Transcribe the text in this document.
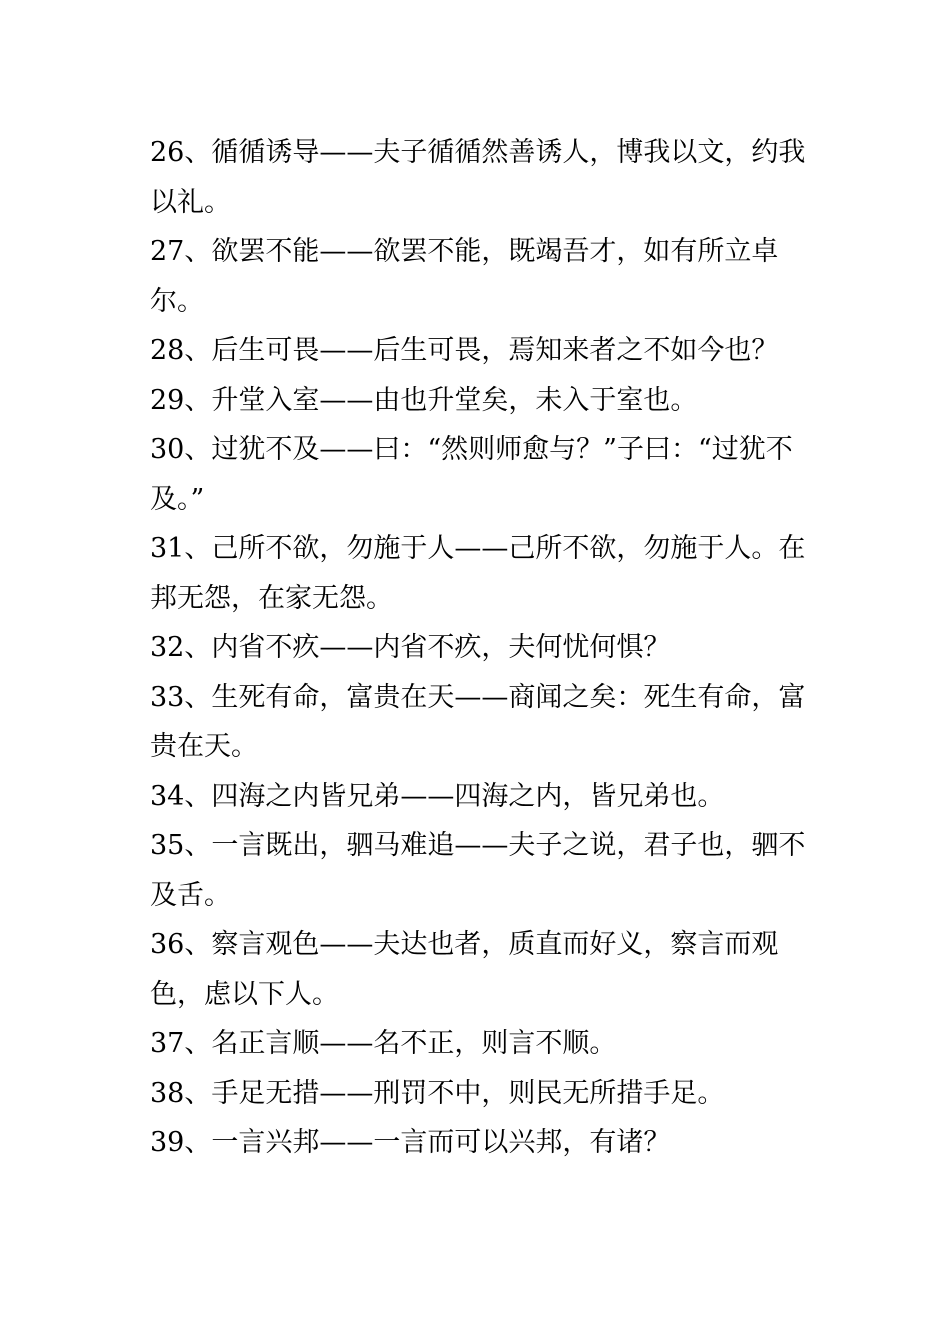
26、循循诱导——夫子循循然善诱人，博我以文，约我以礼。

27、欲罢不能——欲罢不能，既竭吾才，如有所立卓尔。

28、后生可畏——后生可畏，焉知来者之不如今也？

29、升堂入室——由也升堂矣，未入于室也。

30、过犹不及——曰：“然则师愈与？”子曰：“过犹不及。”

31、己所不欲，勿施于人——己所不欲，勿施于人。在邦无怨，在家无怨。

32、内省不疚——内省不疚，夫何忧何惧？

33、生死有命，富贵在天——商闻之矣：死生有命，富贵在天。

34、四海之内皆兄弟——四海之内，皆兄弟也。

35、一言既出，驷马难追——夫子之说，君子也，驷不及舌。

36、察言观色——夫达也者，质直而好义，察言而观色，虑以下人。

37、名正言顺——名不正，则言不顺。

38、手足无措——刑罚不中，则民无所措手足。

39、一言兴邦——一言而可以兴邦，有诸？
